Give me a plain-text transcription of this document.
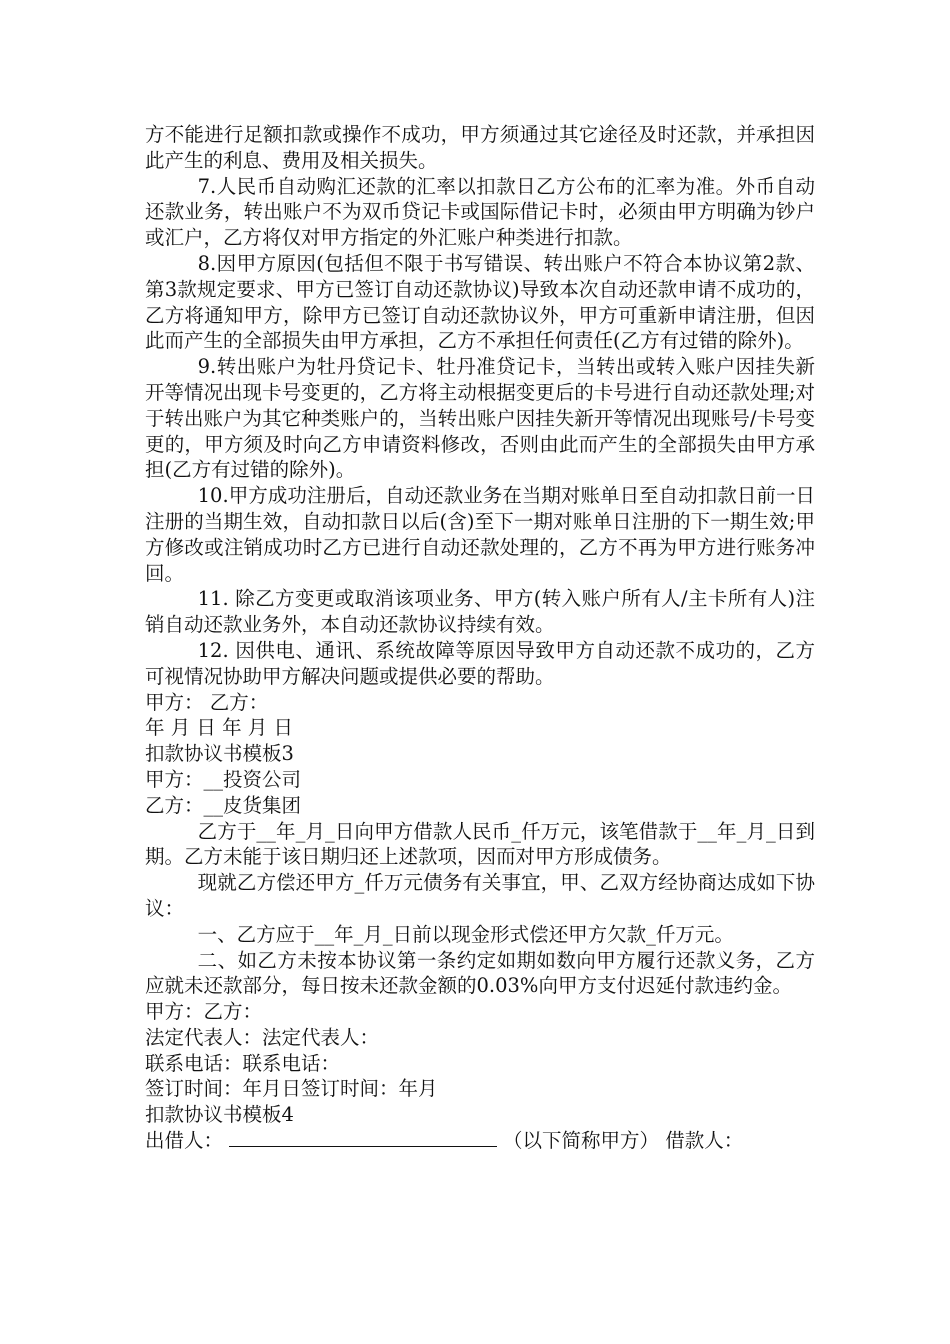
方不能进行足额扣款或操作不成功，甲方须通过其它途径及时还款，并承担因此产生的利息、费用及相关损失。

7.人民币自动购汇还款的汇率以扣款日乙方公布的汇率为准。外币自动还款业务，转出账户不为双币贷记卡或国际借记卡时，必须由甲方明确为钞户或汇户，乙方将仅对甲方指定的外汇账户种类进行扣款。

8.因甲方原因(包括但不限于书写错误、转出账户不符合本协议第2款、第3款规定要求、甲方已签订自动还款协议)导致本次自动还款申请不成功的，乙方将通知甲方，除甲方已签订自动还款协议外，甲方可重新申请注册，但因此而产生的全部损失由甲方承担，乙方不承担任何责任(乙方有过错的除外)。

9.转出账户为牡丹贷记卡、牡丹准贷记卡，当转出或转入账户因挂失新开等情况出现卡号变更的，乙方将主动根据变更后的卡号进行自动还款处理;对于转出账户为其它种类账户的，当转出账户因挂失新开等情况出现账号/卡号变更的，甲方须及时向乙方申请资料修改，否则由此而产生的全部损失由甲方承担(乙方有过错的除外)。

10.甲方成功注册后，自动还款业务在当期对账单日至自动扣款日前一日注册的当期生效，自动扣款日以后(含)至下一期对账单日注册的下一期生效;甲方修改或注销成功时乙方已进行自动还款处理的，乙方不再为甲方进行账务冲回。

11. 除乙方变更或取消该项业务、甲方(转入账户所有人/主卡所有人)注销自动还款业务外，本自动还款协议持续有效。

12. 因供电、通讯、系统故障等原因导致甲方自动还款不成功的，乙方可视情况协助甲方解决问题或提供必要的帮助。

甲方： 乙方：

年 月 日 年 月 日

扣款协议书模板3

甲方：__投资公司

乙方：__皮货集团

乙方于__年_月_日向甲方借款人民币_仟万元，该笔借款于__年_月_日到期。乙方未能于该日期归还上述款项，因而对甲方形成债务。

现就乙方偿还甲方_仟万元债务有关事宜，甲、乙双方经协商达成如下协议：

一、乙方应于__年_月_日前以现金形式偿还甲方欠款_仟万元。

二、如乙方未按本协议第一条约定如期如数向甲方履行还款义务，乙方应就未还款部分，每日按未还款金额的0.03%向甲方支付迟延付款违约金。

甲方：乙方：

法定代表人：法定代表人：

联系电话：联系电话：

签订时间：年月日签订时间：年月

扣款协议书模板4

出借人：	（以下简称甲方） 借款人：
